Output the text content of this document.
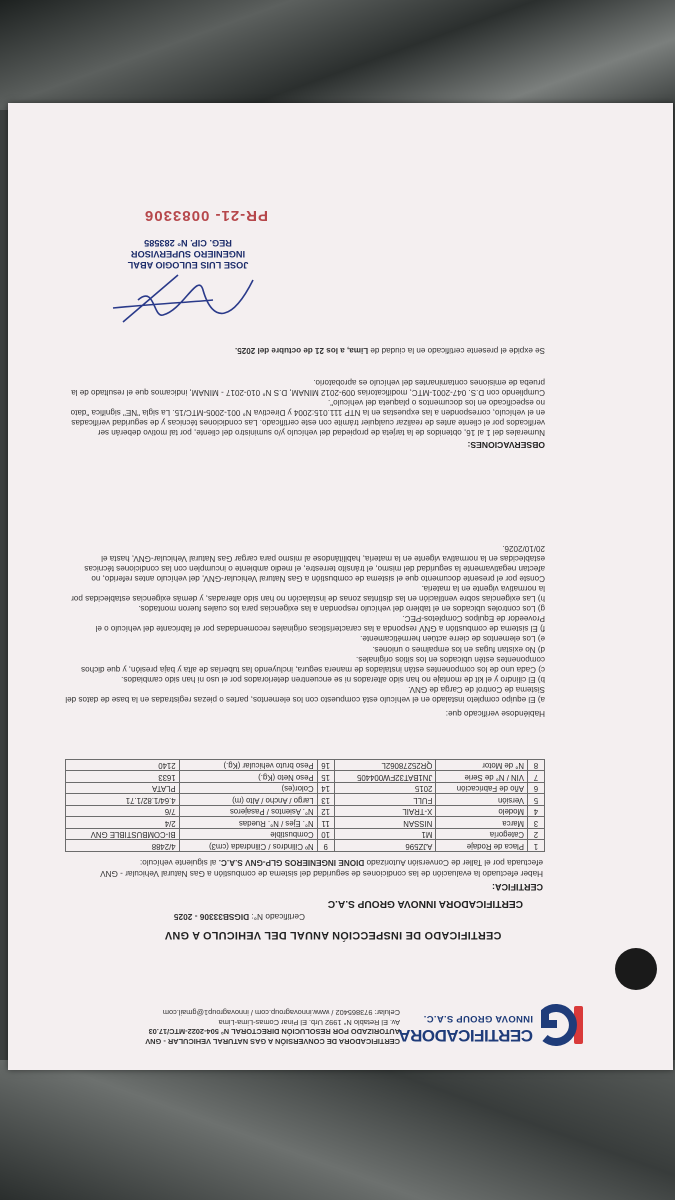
CERTIFICADORA
INNOVA GROUP S.A.C.
CERTIFICADORA DE CONVERSIÓN A GAS NATURAL VEHICULAR - GNV
AUTORIZADO POR RESOLUCIÓN DIRECTORAL N° 504-2022-MTC/17.03
Av. El Retablo N° 1992 Urb. El Pinar Comas-Lima-Lima
Celular: 973865402 / www.innovagroup.com / innovagroup1@gmail.com
CERTIFICADO DE INSPECCIÓN ANUAL DEL VEHICULO A GNV
Certificado N°: DIGSB33306 - 2025
CERTIFICADORA INNOVA GROUP S.A.C
CERTIFICA:
Haber efectuado la evaluación de las condiciones de seguridad del sistema de combustión a Gas Natural Vehicular - GNV efectuada por el Taller de Conversión Autorizado DIONE INGENIEROS GLP-GNV S.A.C. al siguiente vehículo:
1	Placa de Rodaje	AJZ596	9	Nº Cilindros / Cilindrada (cm3)	4/2488
2	Categoría	M1	10	Combustible	BI-COMBUSTIBLE GNV
3	Marca	NISSAN	11	N°. Ejes / N°. Ruedas	2/4
4	Modelo	X-TRAIL	12	N°. Asientos / Pasajeros	7/6
5	Versión	FULL	13	Largo / Ancho / Alto (m)	4.64/1.82/1.71
6	Año de Fabricación	2015	14	Color(es)	PLATA
7	VIN / N° de Serie	JN1BAT32FW004405	15	Peso Neto (Kg.)	1633
8	N° de Motor	QR25278062L	16	Peso bruto vehicular (Kg.)	2140
Habiéndose verificado que:

a) El equipo completo instalado en el vehículo está compuesto con los elementos, partes o piezas registradas en la base de datos del Sistema de Control de Carga de GNV.

b) El cilindro y el kit de montaje no han sido alterados ni se encuentren deteriorados por el uso ni han sido cambiados.

c) Cada uno de los componentes están instalados de manera segura, incluyendo las tuberías de alta y baja presión, y que dichos componentes estén ubicados en los sitios originales.

d) No existan fugas en los empalmes o uniones.

e) Los elementos de cierre actúen herméticamente.

f) El sistema de combustión a GNV responda a las características originales recomendadas por el fabricante del vehículo o el Proveedor de Equipos Completos-PEC.

g) Los controles ubicados en el tablero del vehículo respondan a las exigencias para los cuales fueron montados.

h) Las exigencias sobre ventilación en las distintas zonas de instalación no han sido alteradas, y demás exigencias establecidas por la normativa vigente en la materia.

Conste por el presente documento que el sistema de combustión a Gas Natural Vehicular-GNV, del vehículo antes referido, no afectan negativamente la seguridad del mismo, el tránsito terrestre, el medio ambiente o incumplen con las condiciones técnicas establecidas en la normativa vigente en la materia, habilitándose al mismo para cargar Gas Natural Vehicular-GNV, hasta el 20/10/2026.

OBSERVACIONES:

Numerales del 1 al 16, obtenidos de la tarjeta de propiedad del vehículo y/o suministro del cliente, por tal motivo deberán ser verificados por el cliente antes de realizar cualquier trámite con este certificado. Las condiciones técnicas y de seguridad verificadas en el vehículo, corresponden a las expuestas en la NTP 111.015:2004 y Directiva N° 001-2005-MTC/15. La sigla "NE" significa "dato no especificado en los documentos o plaqueta del vehículo".

Cumpliendo con D.S. 047-2001-MTC, modificatorias 009-2012 MINAM, D.S N° 010-2017 - MINAM, indicamos que el resultado de la prueba de emisiones contaminantes del vehículo es aprobatorio.

Se expide el presente certificado en la ciudad de Lima, a los 21 de octubre del 2025.
JOSE LUIS EULOGIO ABAL
INGENIERO SUPERVISOR
REG. CIP. N° 283585
PR-21- 0083306
